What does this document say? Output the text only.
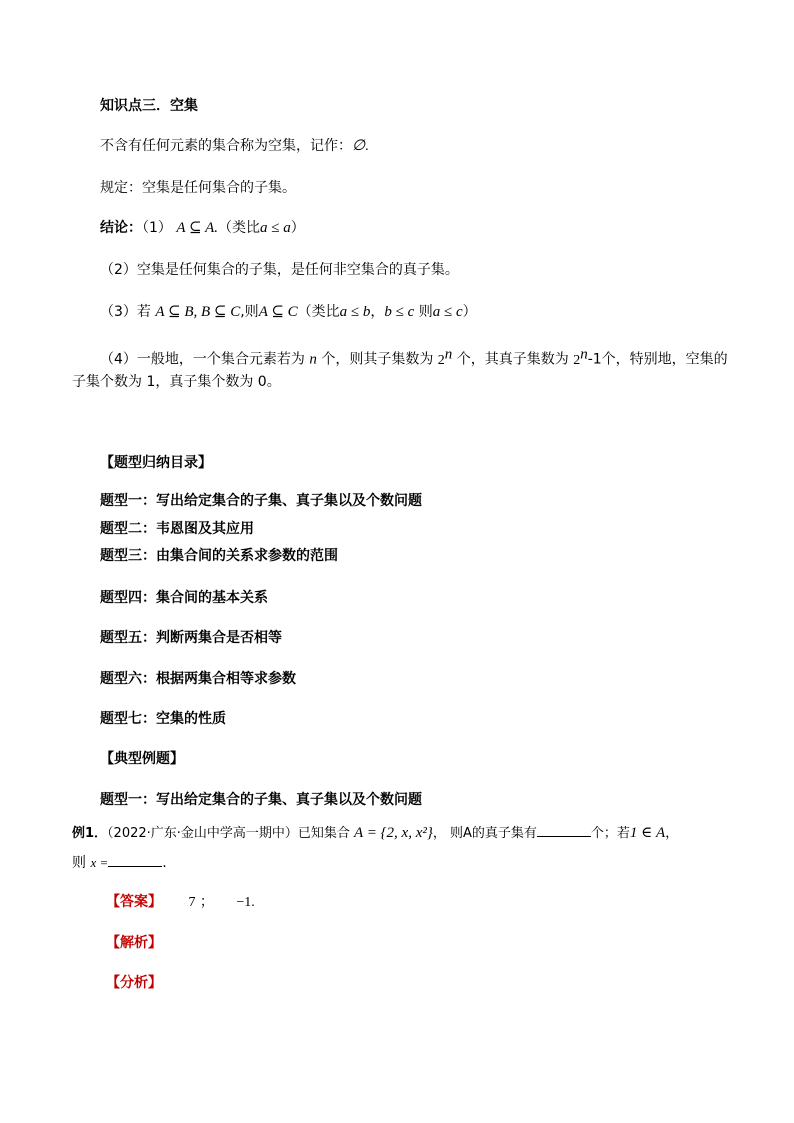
知识点三．空集
不含有任何元素的集合称为空集，记作：∅.
规定：空集是任何集合的子集。
结论：（1） A ⊆ A.（类比a ≤ a）
（2）空集是任何集合的子集，是任何非空集合的真子集。
（3）若 A ⊆ B, B ⊆ C,则A ⊆ C（类比a ≤ b，b ≤ c 则a ≤ c）
（4）一般地，一个集合元素若为 n 个，则其子集数为 2$^n$ 个，其真子集数为 2$^n$-1个，特别地，空集的
子集个数为 1，真子集个数为 0。
【题型归纳目录】
题型一：写出给定集合的子集、真子集以及个数问题
题型二：韦恩图及其应用
题型三：由集合间的关系求参数的范围
题型四：集合间的基本关系
题型五：判断两集合是否相等
题型六：根据两集合相等求参数
题型七：空集的性质
【典型例题】
题型一：写出给定集合的子集、真子集以及个数问题
例1．（2022·广东·金山中学高一期中）已知集合 A = {2, x, x²}， 则A的真子集有	个；若1 ∈ A，
则 x =	.
【答案】 7 ； −1.
【解析】
【分析】
